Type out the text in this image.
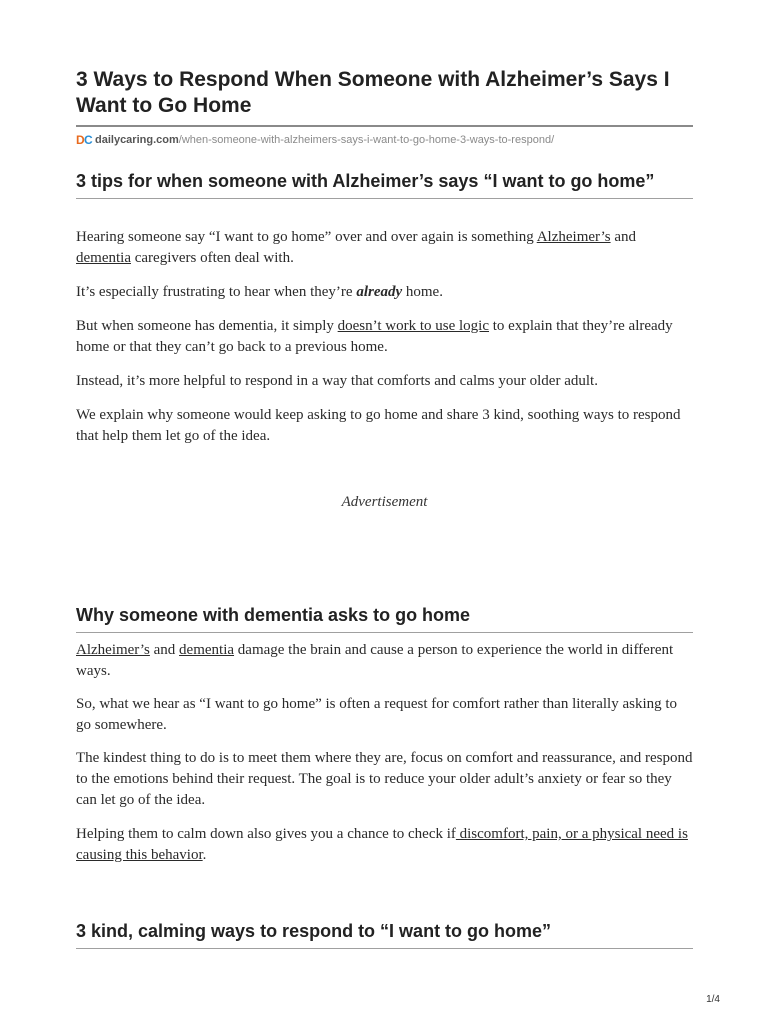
3 Ways to Respond When Someone with Alzheimer’s Says I Want to Go Home
D C dailycaring.com /when-someone-with-alzheimers-says-i-want-to-go-home-3-ways-to-respond/
3 tips for when someone with Alzheimer’s says “I want to go home”

Hearing someone say “I want to go home” over and over again is something Alzheimer’s and dementia caregivers often deal with.

It’s especially frustrating to hear when they’re already home.

But when someone has dementia, it simply doesn’t work to use logic to explain that they’re already home or that they can’t go back to a previous home.

Instead, it’s more helpful to respond in a way that comforts and calms your older adult.

We explain why someone would keep asking to go home and share 3 kind, soothing ways to respond that help them let go of the idea.

Advertisement
Why someone with dementia asks to go home

Alzheimer’s and dementia damage the brain and cause a person to experience the world in different ways.

So, what we hear as “I want to go home” is often a request for comfort rather than literally asking to go somewhere.

The kindest thing to do is to meet them where they are, focus on comfort and reassurance, and respond to the emotions behind their request. The goal is to reduce your older adult’s anxiety or fear so they can let go of the idea.

Helping them to calm down also gives you a chance to check if discomfort, pain, or a physical need is causing this behavior.

3 kind, calming ways to respond to “I want to go home”
1/4
